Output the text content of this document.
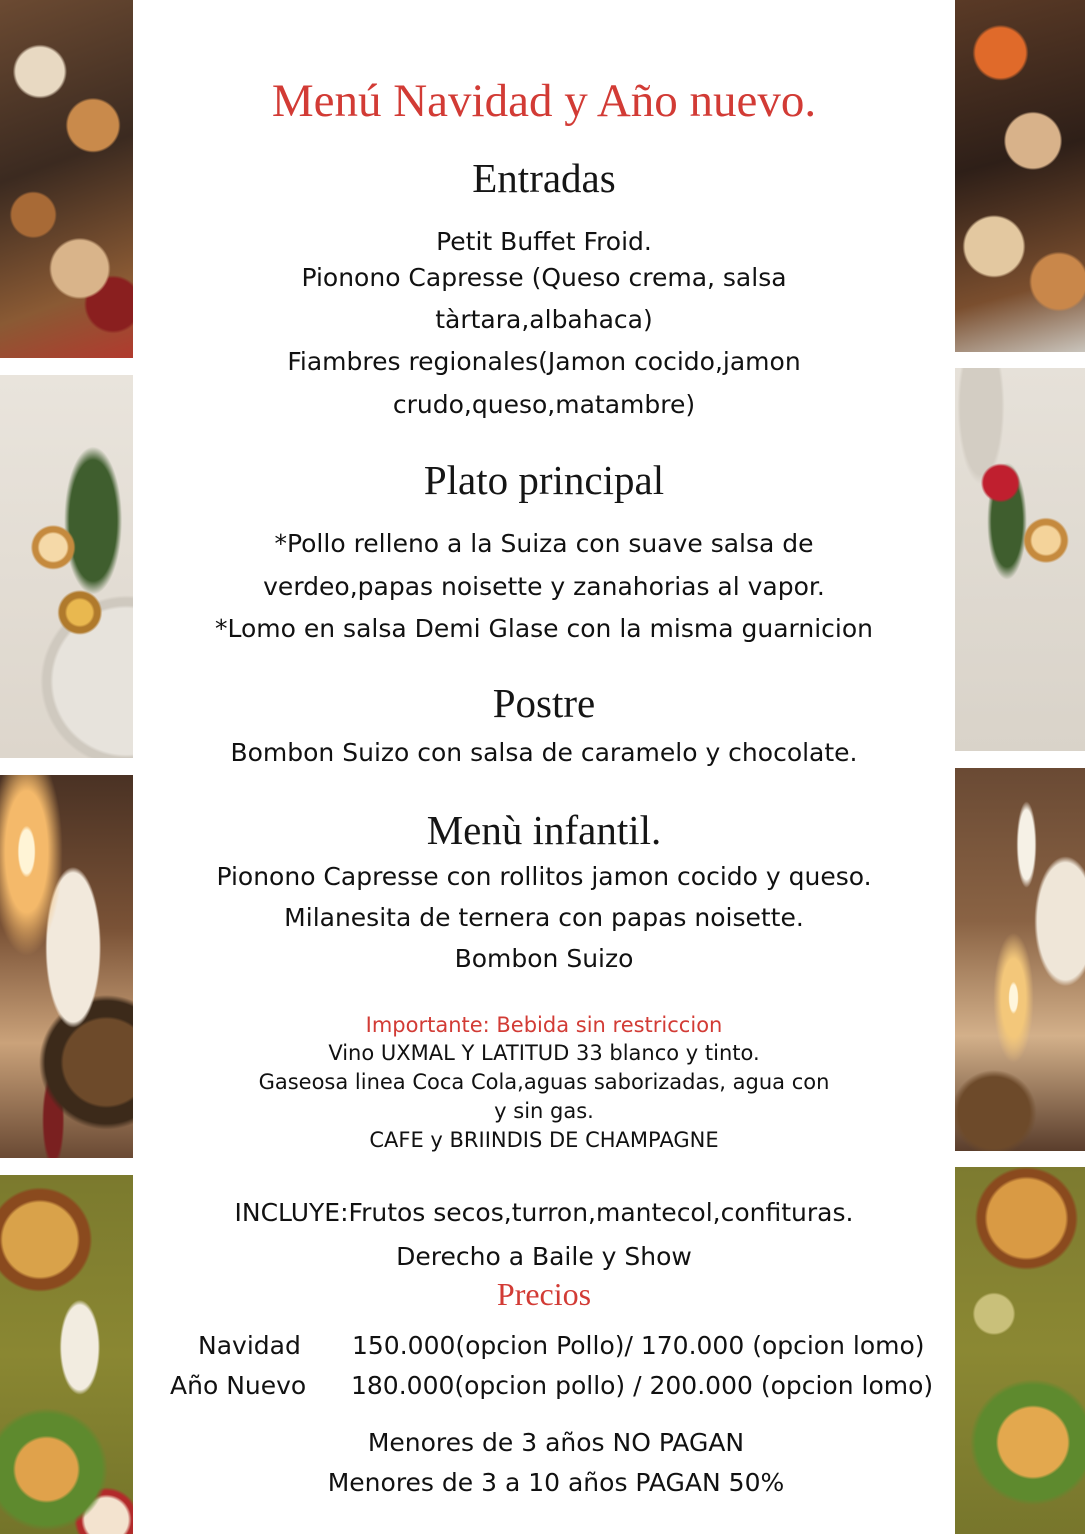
Menú Navidad y Año nuevo.
Entradas
Petit Buffet Froid.
Pionono Capresse (Queso crema, salsa
tàrtara,albahaca)
Fiambres regionales(Jamon cocido,jamon
crudo,queso,matambre)
Plato principal
*Pollo relleno a la Suiza con suave salsa de
verdeo,papas noisette y zanahorias al vapor.
*Lomo en salsa Demi Glase con la misma guarnicion
Postre
Bombon Suizo con salsa de caramelo y chocolate.
Menù infantil.
Pionono Capresse con rollitos jamon cocido y queso.
Milanesita de ternera con papas noisette.
Bombon Suizo
Importante: Bebida sin restriccion
Vino UXMAL Y LATITUD 33 blanco y tinto.
Gaseosa linea Coca Cola,aguas saborizadas, agua con
y sin gas.
CAFE y BRIINDIS DE CHAMPAGNE
INCLUYE:Frutos secos,turron,mantecol,confituras.
Derecho a Baile y Show
Precios
Navidad 150.000(opcion Pollo)/ 170.000 (opcion lomo)
Año Nuevo 180.000(opcion pollo) / 200.000 (opcion lomo)
Menores de 3 años NO PAGAN
Menores de 3 a 10 años PAGAN 50%
